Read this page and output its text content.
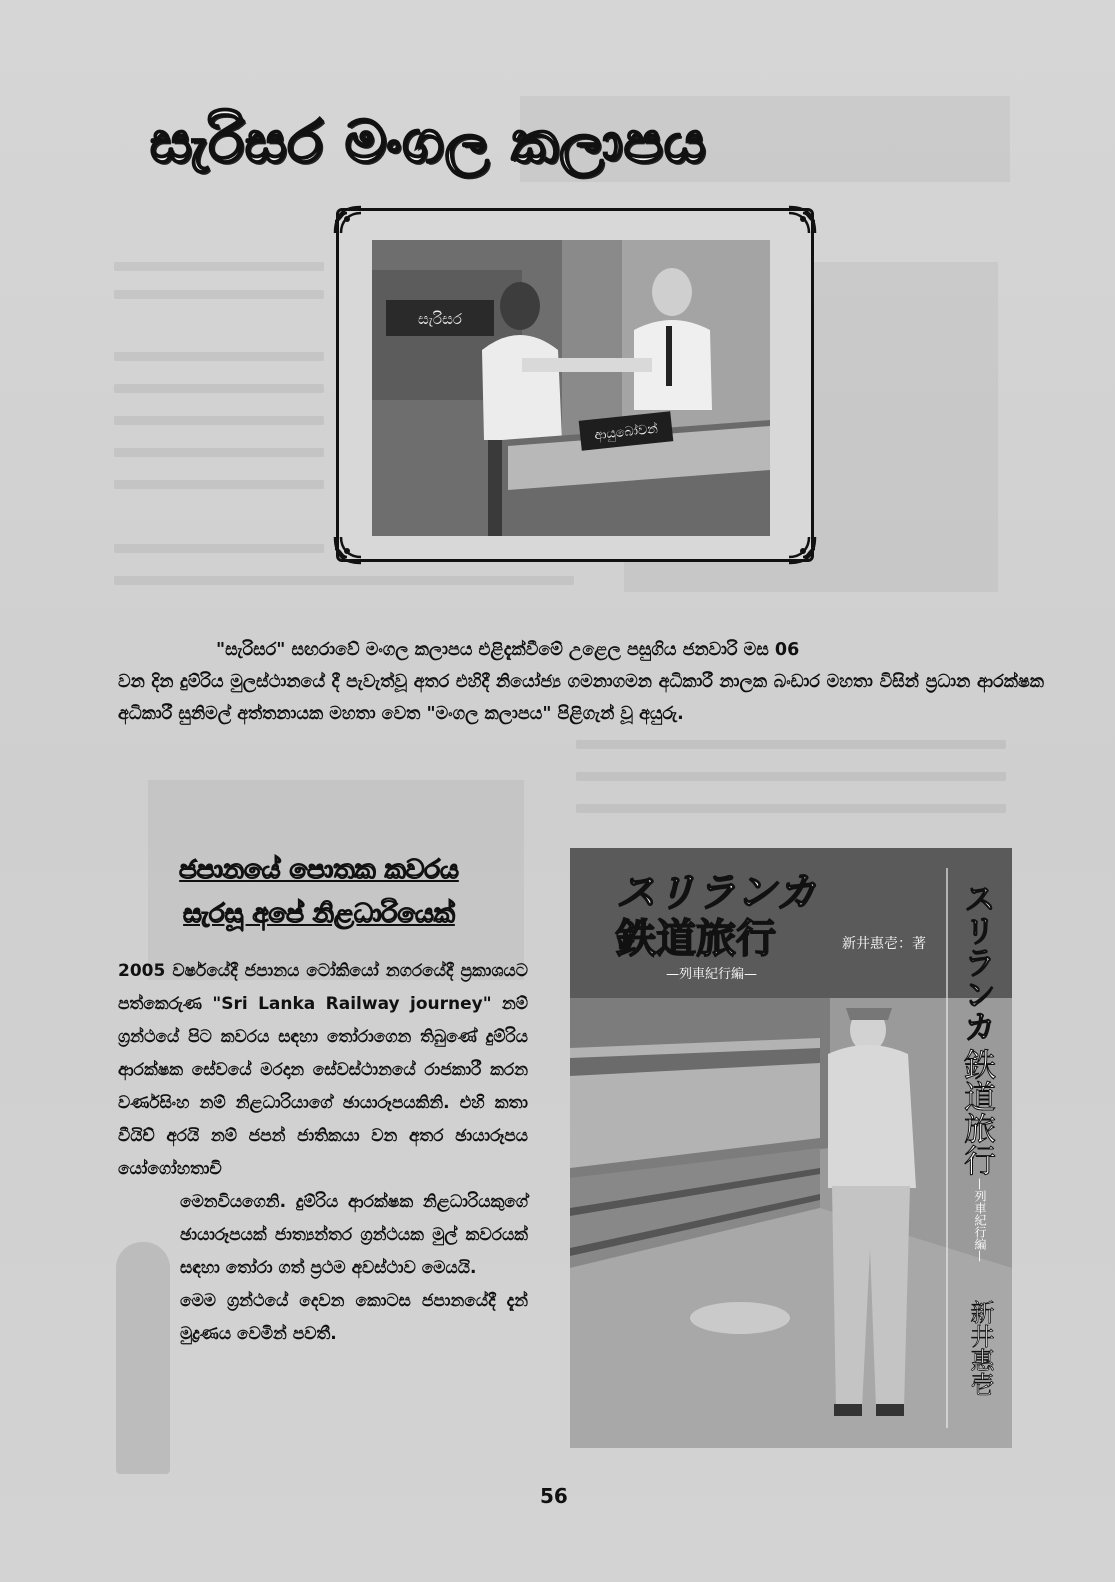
සැරිසර මංගල කලාපය
සැරිසර
ආයුබෝවන්
"සැරිසර" සඟරාවේ මංගල කලාපය එළිදැක්වීමේ උළෙල පසුගිය ජනවාරි මස 06
වන දින දුම්රිය මුලස්ථානයේ දී පැවැත්වූ අතර එහිදී නියෝජ්‍ය ගමනාගමන අධිකාරී නාලක බංඩාර මහතා විසින් ප්‍රධාන ආරක්ෂක අධිකාරී සුනිමල් අත්තනායක මහතා වෙත "මංගල කලාපය" පිළිගැන් වූ අයුරු.
ජපානයේ පොතක කවරය
සැරසූ අපේ නිළධාරියෙක්
2005 වර්ෂයේදී ජපානය ටෝකියෝ නගරයේදී ප්‍රකාශයට පත්කෙරුණ "Sri Lanka Railway journey" නම් ග්‍රන්ථයේ පිට කවරය සඳහා තෝරාගෙන තිබුණේ දුම්රිය ආරක්ෂක සේවයේ මරදාන සේවස්ථානයේ රාජකාරී කරන වර්ණසිංහ නම් නිළධාරියාගේ ඡායාරූපයකිනි. එහි කතා වීයිච් අරයි නම් ජපන් ජාතිකයා වන අතර ඡායාරූපය යෝගෝහතාචි
මෙනවියගෙනි. දුම්රිය ආරක්ෂක නිළධාරියකුගේ ඡායාරූපයක් ජාත්‍යන්තර ග්‍රන්ථයක මුල් කවරයක් සඳහා තෝරා ගත් ප්‍රථම අවස්ථාව මෙයයි.
මෙම ග්‍රන්ථයේ දෙවන කොටස ජපානයේදී දැන් මුද්‍රණය වෙමින් පවතී.
スリランカ
鉄道旅行	新井惠壱：著
—列車紀行編—	スリランカ
鉄道旅行
—列車紀行編—
新井惠壱
56
